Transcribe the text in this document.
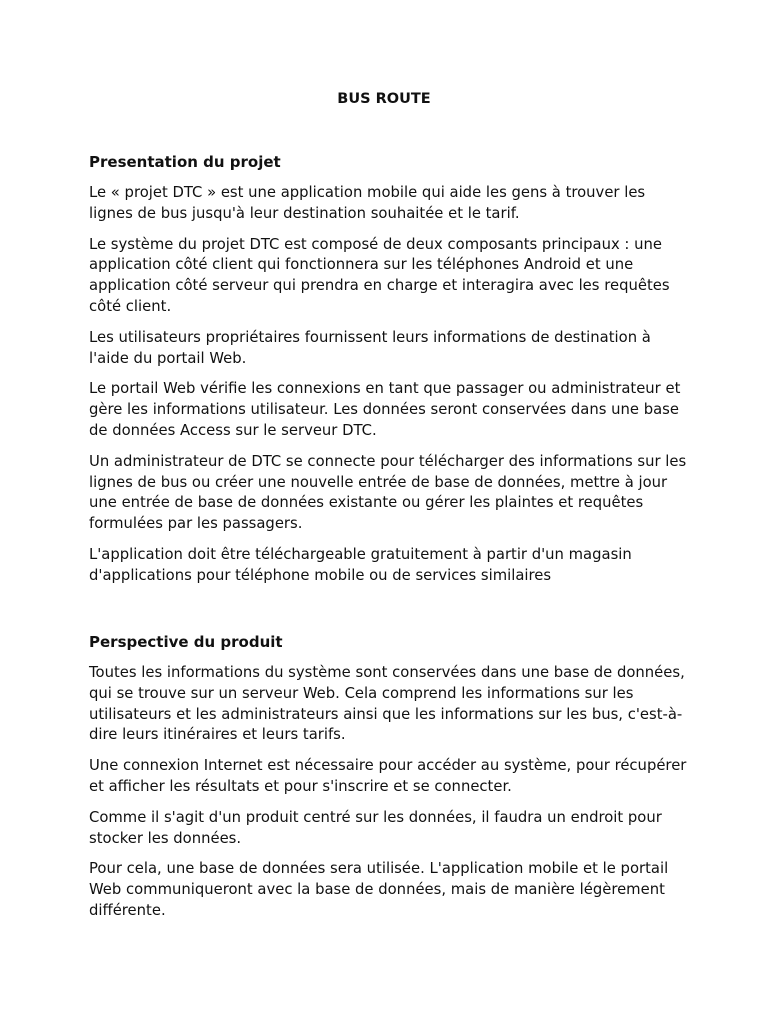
BUS ROUTE
Presentation du projet

Le « projet DTC » est une application mobile qui aide les gens à trouver les lignes de bus jusqu'à leur destination souhaitée et le tarif.

Le système du projet DTC est composé de deux composants principaux : une application côté client qui fonctionnera sur les téléphones Android et une application côté serveur qui prendra en charge et interagira avec les requêtes côté client.

Les utilisateurs propriétaires fournissent leurs informations de destination à l'aide du portail Web.

Le portail Web vérifie les connexions en tant que passager ou administrateur et gère les informations utilisateur. Les données seront conservées dans une base de données Access sur le serveur DTC.

Un administrateur de DTC se connecte pour télécharger des informations sur les lignes de bus ou créer une nouvelle entrée de base de données, mettre à jour une entrée de base de données existante ou gérer les plaintes et requêtes formulées par les passagers.

L'application doit être téléchargeable gratuitement à partir d'un magasin d'applications pour téléphone mobile ou de services similaires

Perspective du produit

Toutes les informations du système sont conservées dans une base de données, qui se trouve sur un serveur Web. Cela comprend les informations sur les utilisateurs et les administrateurs ainsi que les informations sur les bus, c'est-à-dire leurs itinéraires et leurs tarifs.

Une connexion Internet est nécessaire pour accéder au système, pour récupérer et afficher les résultats et pour s'inscrire et se connecter.

Comme il s'agit d'un produit centré sur les données, il faudra un endroit pour stocker les données.

Pour cela, une base de données sera utilisée. L'application mobile et le portail Web communiqueront avec la base de données, mais de manière légèrement différente.
